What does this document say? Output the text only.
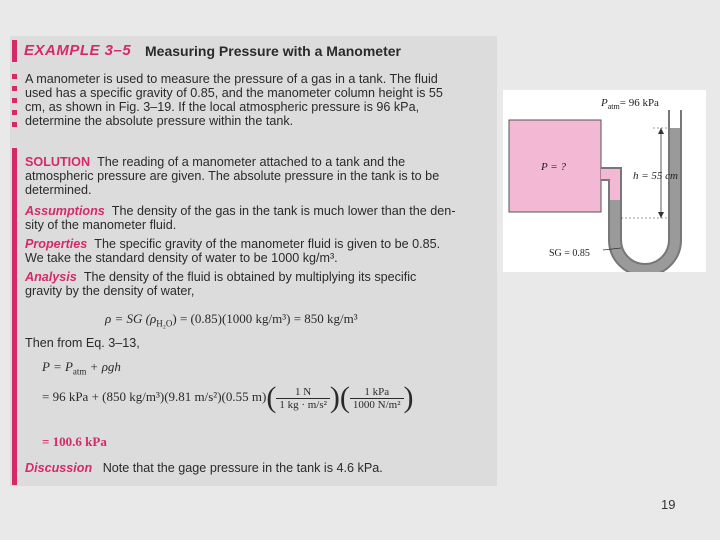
EXAMPLE 3–5 Measuring Pressure with a Manometer
A manometer is used to measure the pressure of a gas in a tank. The fluid
used has a specific gravity of 0.85, and the manometer column height is 55
cm, as shown in Fig. 3–19. If the local atmospheric pressure is 96 kPa,
determine the absolute pressure within the tank.
SOLUTION The reading of a manometer attached to a tank and the
atmospheric pressure are given. The absolute pressure in the tank is to be
determined.
Assumptions The density of the gas in the tank is much lower than the den-
sity of the manometer fluid.
Properties The specific gravity of the manometer fluid is given to be 0.85.
We take the standard density of water to be 1000 kg/m³.
Analysis The density of the fluid is obtained by multiplying its specific
gravity by the density of water,
ρ = SG $(\rho_{H_2O}) = (0.85)(1000$ kg/m³) = 850 kg/m³
Then from Eq. 3–13,
$P = P_{atm} + \rho gh$
= 96 kPa + (850 kg/m³)(9.81 m/s²)(0.55 $m)( \frac{1 N}{\text{1 kg · m/s²}}$ )( $\frac{\text{1 kPa}}{\text{1000 N/m²}}$ )
= 100.6 kPa
Discussion Note that the gage pressure in the tank is 4.6 kPa.
$P_{atm}= 96$ kPa
P = ?
h = 55 cm
SG = 0.85
19
